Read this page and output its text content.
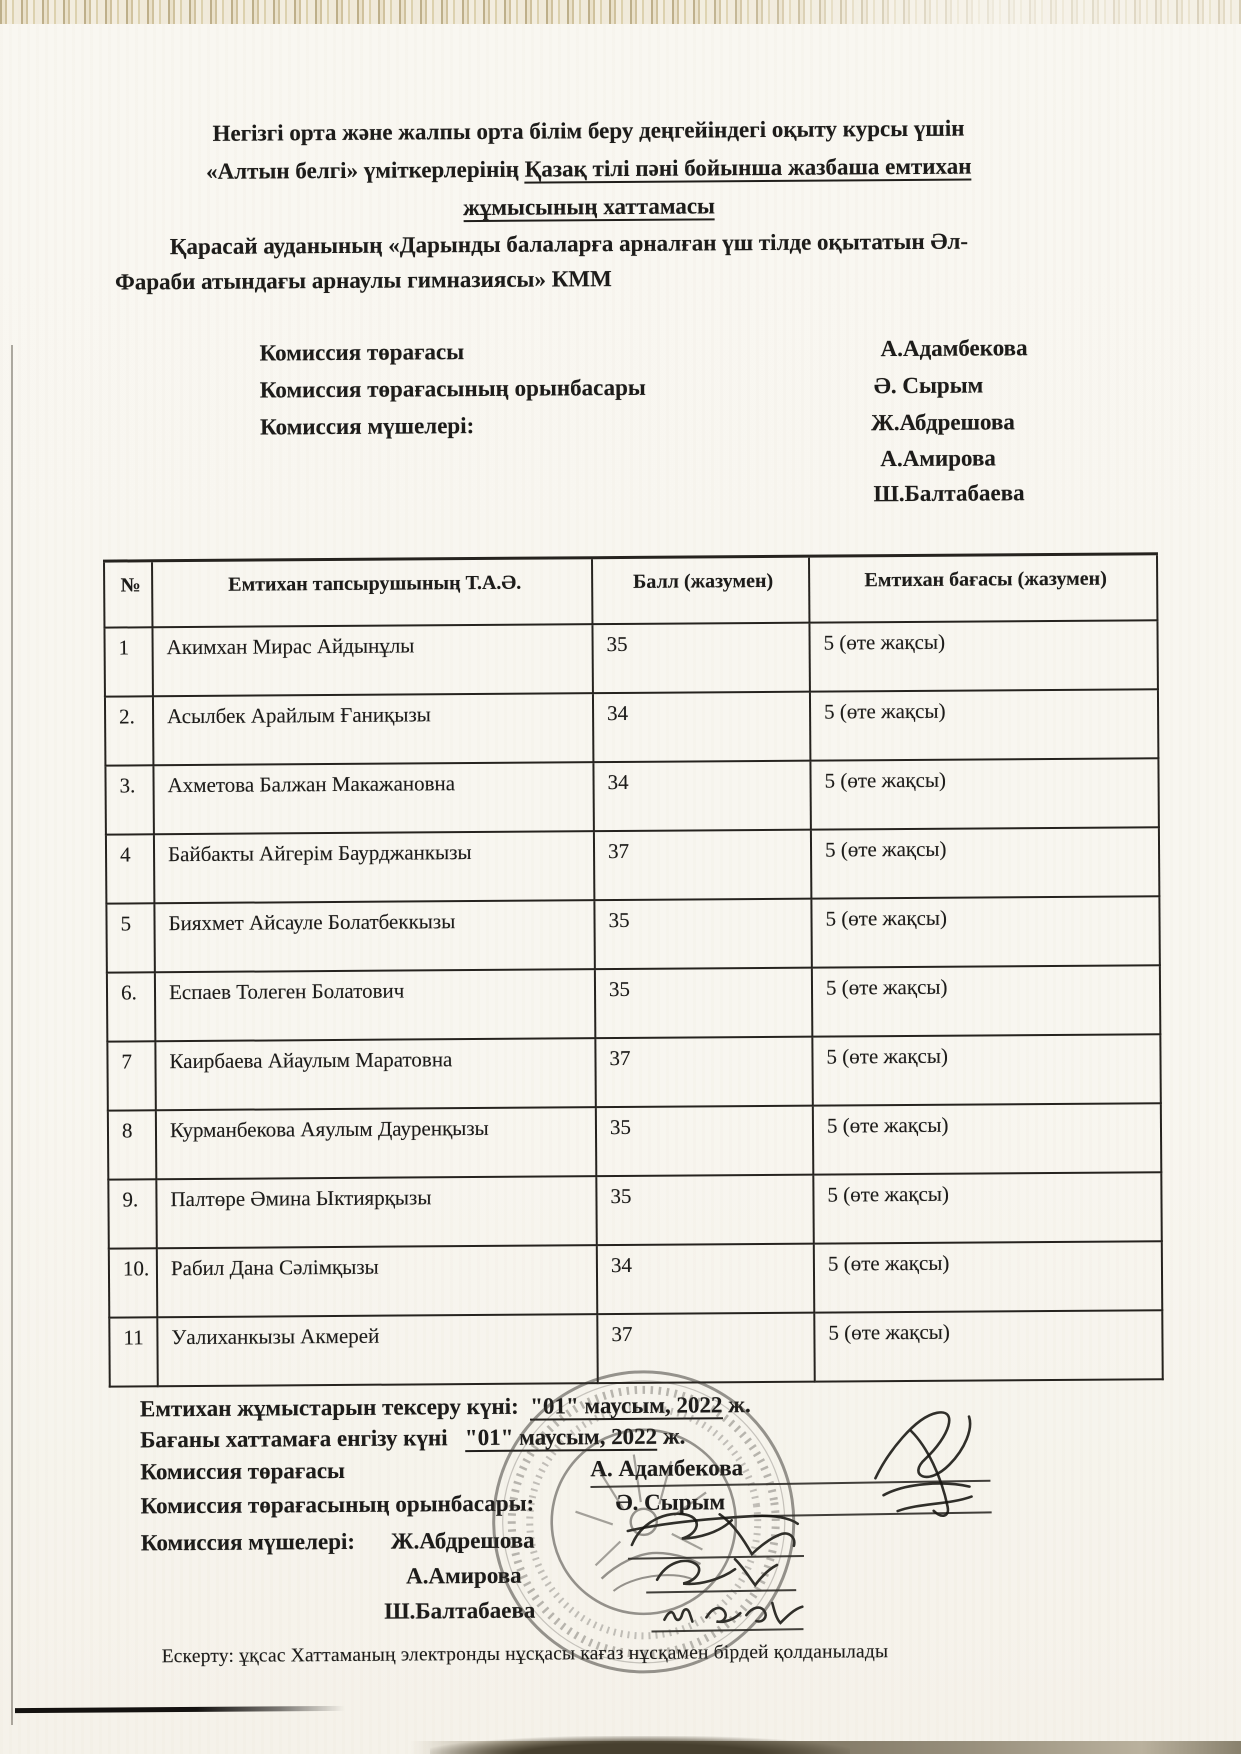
Негізгі орта және жалпы орта білім беру деңгейіндегі оқыту курсы үшін
«Алтын белгі» үміткерлерінің Қазақ тілі пәні бойынша жазбаша емтихан
жұмысының хаттамасы
Қарасай ауданының «Дарынды балаларға арналған үш тілде оқытатын Әл-Фараби атындағы арнаулы гимназиясы» КММ
Комиссия төрағасы	А.Адамбекова
Комиссия төрағасының орынбасары	Ә. Сырым
Комиссия мүшелері:	Ж.Абдрешова
А.Амирова
Ш.Балтабаева
№	Емтихан тапсырушының Т.А.Ә.	Балл (жазумен)	Емтихан бағасы (жазумен)
1	Акимхан Мирас Айдынұлы	35	5 (өте жақсы)
2.	Асылбек Арайлым Ғаниқызы	34	5 (өте жақсы)
3.	Ахметова Балжан Макажановна	34	5 (өте жақсы)
4	Байбакты Айгерім Баурджанкызы	37	5 (өте жақсы)
5	Бияхмет Айсауле Болатбеккызы	35	5 (өте жақсы)
6.	Еспаев Толеген Болатович	35	5 (өте жақсы)
7	Каирбаева Айаулым Маратовна	37	5 (өте жақсы)
8	Курманбекова Аяулым Дауренқызы	35	5 (өте жақсы)
9.	Палтөре Әмина Ыктиярқызы	35	5 (өте жақсы)
10.	Рабил Дана Сәлімқызы	34	5 (өте жақсы)
11	Уалиханкызы Акмерей	37	5 (өте жақсы)
Емтихан жұмыстарын тексеру күні: "01" маусым, 2022 ж.
Бағаны хаттамаға енгізу күні "01" маусым, 2022 ж.
Комиссия төрағасы	А. Адамбекова
Комиссия төрағасының орынбасары:	Ә. Сырым
Комиссия мүшелері: Ж.Абдрешова
А.Амирова
Ш.Балтабаева
Ескерту: ұқсас Хаттаманың электронды нұсқасы кағаз нұсқамен бірдей қолданылады
